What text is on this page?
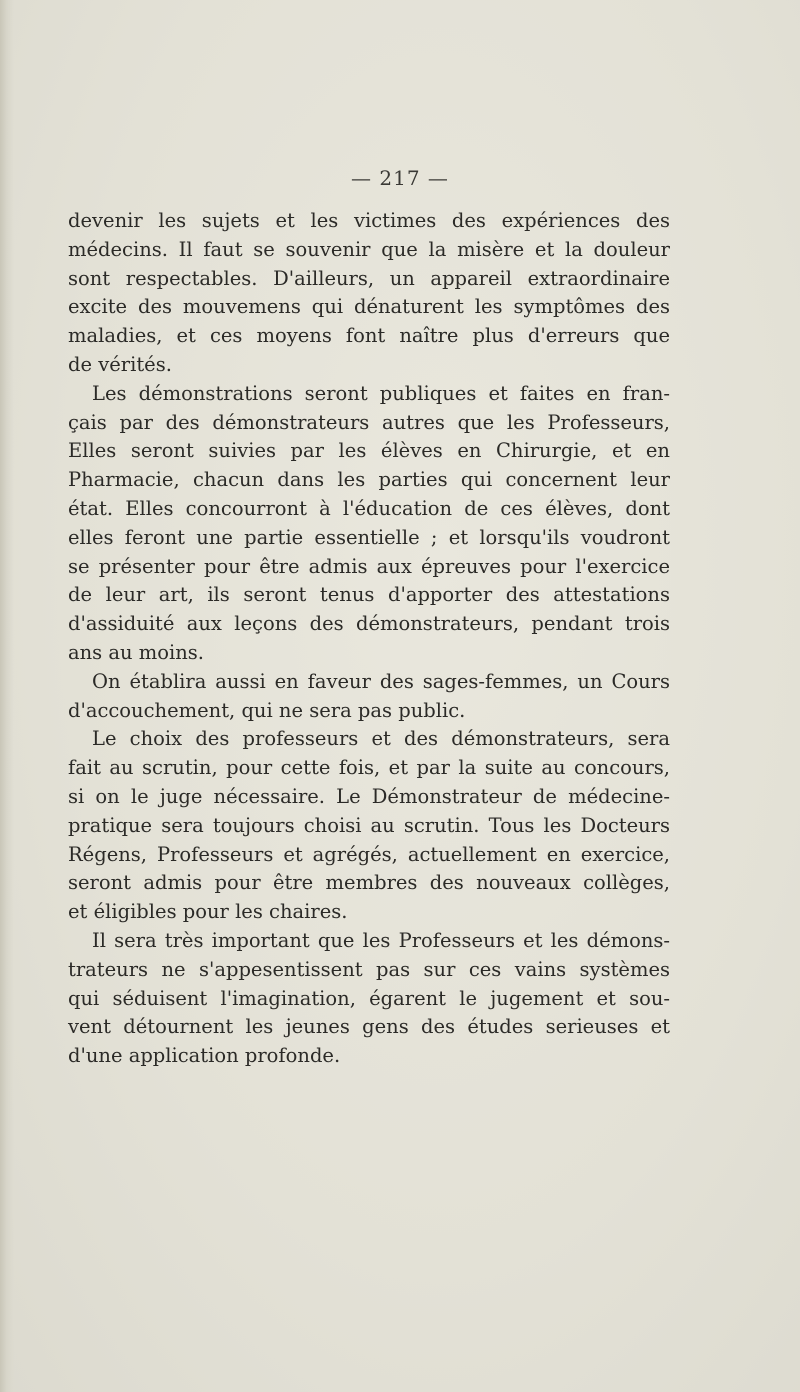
— 217 —
devenir les sujets et les victimes des expériences des
médecins. Il faut se souvenir que la misère et la douleur
sont respectables. D'ailleurs, un appareil extraordinaire
excite des mouvemens qui dénaturent les symptômes des
maladies, et ces moyens font naître plus d'erreurs que
de vérités.
Les démonstrations seront publiques et faites en fran-
çais par des démonstrateurs autres que les Professeurs,
Elles seront suivies par les élèves en Chirurgie, et en
Pharmacie, chacun dans les parties qui concernent leur
état. Elles concourront à l'éducation de ces élèves, dont
elles feront une partie essentielle ; et lorsqu'ils voudront
se présenter pour être admis aux épreuves pour l'exercice
de leur art, ils seront tenus d'apporter des attestations
d'assiduité aux leçons des démonstrateurs, pendant trois
ans au moins.
On établira aussi en faveur des sages-femmes, un Cours
d'accouchement, qui ne sera pas public.
Le choix des professeurs et des démonstrateurs, sera
fait au scrutin, pour cette fois, et par la suite au concours,
si on le juge nécessaire. Le Démonstrateur de médecine-
pratique sera toujours choisi au scrutin. Tous les Docteurs
Régens, Professeurs et agrégés, actuellement en exercice,
seront admis pour être membres des nouveaux collèges,
et éligibles pour les chaires.
Il sera très important que les Professeurs et les démons-
trateurs ne s'appesentissent pas sur ces vains systèmes
qui séduisent l'imagination, égarent le jugement et sou-
vent détournent les jeunes gens des études serieuses et
d'une application profonde.
